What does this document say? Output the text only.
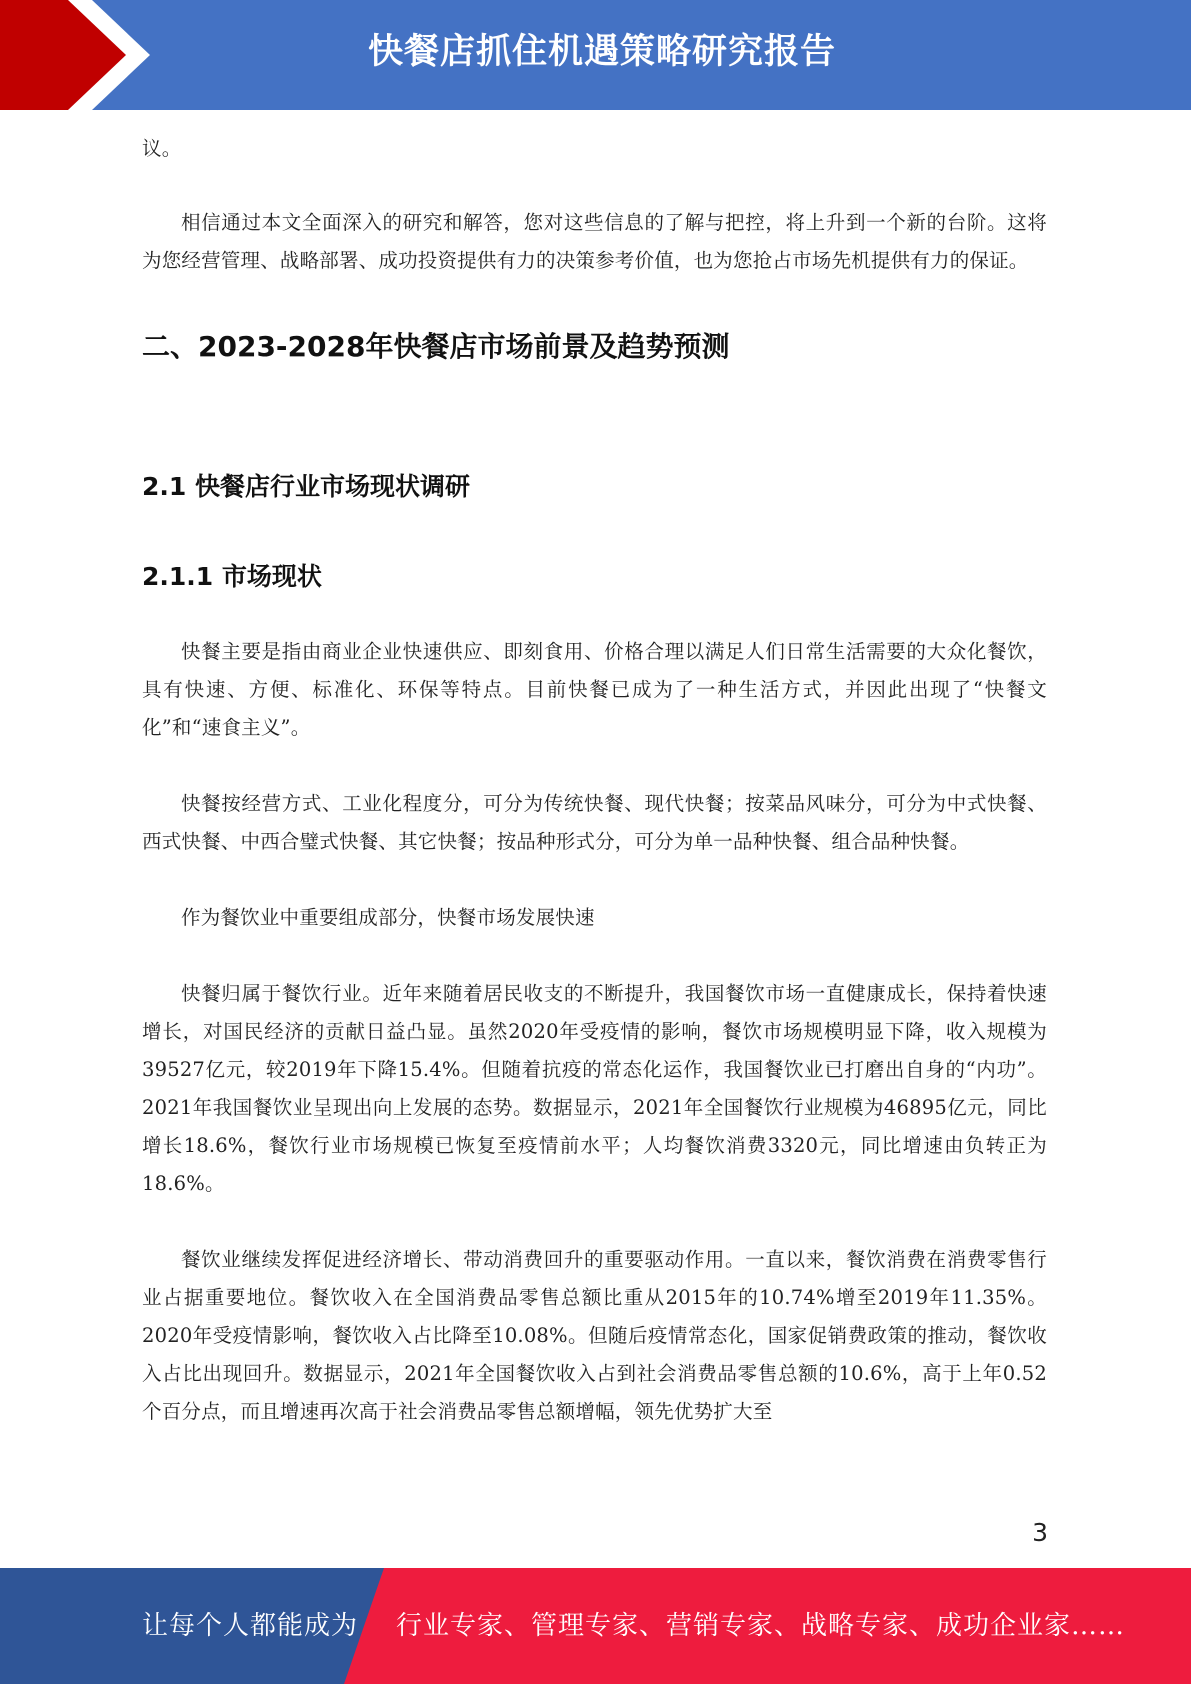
快餐店抓住机遇策略研究报告

议。

相信通过本文全面深入的研究和解答，您对这些信息的了解与把控，将上升到一个新的台阶。这将为您经营管理、战略部署、成功投资提供有力的决策参考价值，也为您抢占市场先机提供有力的保证。

二、2023-2028年快餐店市场前景及趋势预测
2.1 快餐店行业市场现状调研
2.1.1 市场现状

快餐主要是指由商业企业快速供应、即刻食用、价格合理以满足人们日常生活需要的大众化餐饮，具有快速、方便、标准化、环保等特点。目前快餐已成为了一种生活方式，并因此出现了“快餐文化”和“速食主义”。

快餐按经营方式、工业化程度分，可分为传统快餐、现代快餐；按菜品风味分，可分为中式快餐、西式快餐、中西合璧式快餐、其它快餐；按品种形式分，可分为单一品种快餐、组合品种快餐。

作为餐饮业中重要组成部分，快餐市场发展快速

快餐归属于餐饮行业。近年来随着居民收支的不断提升，我国餐饮市场一直健康成长，保持着快速增长，对国民经济的贡献日益凸显。虽然2020年受疫情的影响，餐饮市场规模明显下降，收入规模为39527亿元，较2019年下降15.4%。但随着抗疫的常态化运作，我国餐饮业已打磨出自身的“内功”。2021年我国餐饮业呈现出向上发展的态势。数据显示，2021年全国餐饮行业规模为46895亿元，同比增长18.6%，餐饮行业市场规模已恢复至疫情前水平；人均餐饮消费3320元，同比增速由负转正为18.6%。

餐饮业继续发挥促进经济增长、带动消费回升的重要驱动作用。一直以来，餐饮消费在消费零售行业占据重要地位。餐饮收入在全国消费品零售总额比重从2015年的10.74%增至2019年11.35%。2020年受疫情影响，餐饮收入占比降至10.08%。但随后疫情常态化，国家促销费政策的推动，餐饮收入占比出现回升。数据显示，2021年全国餐饮收入占到社会消费品零售总额的10.6%，高于上年0.52个百分点，而且增速再次高于社会消费品零售总额增幅，领先优势扩大至

3
让每个人都能成为 行业专家、管理专家、营销专家、战略专家、成功企业家……
